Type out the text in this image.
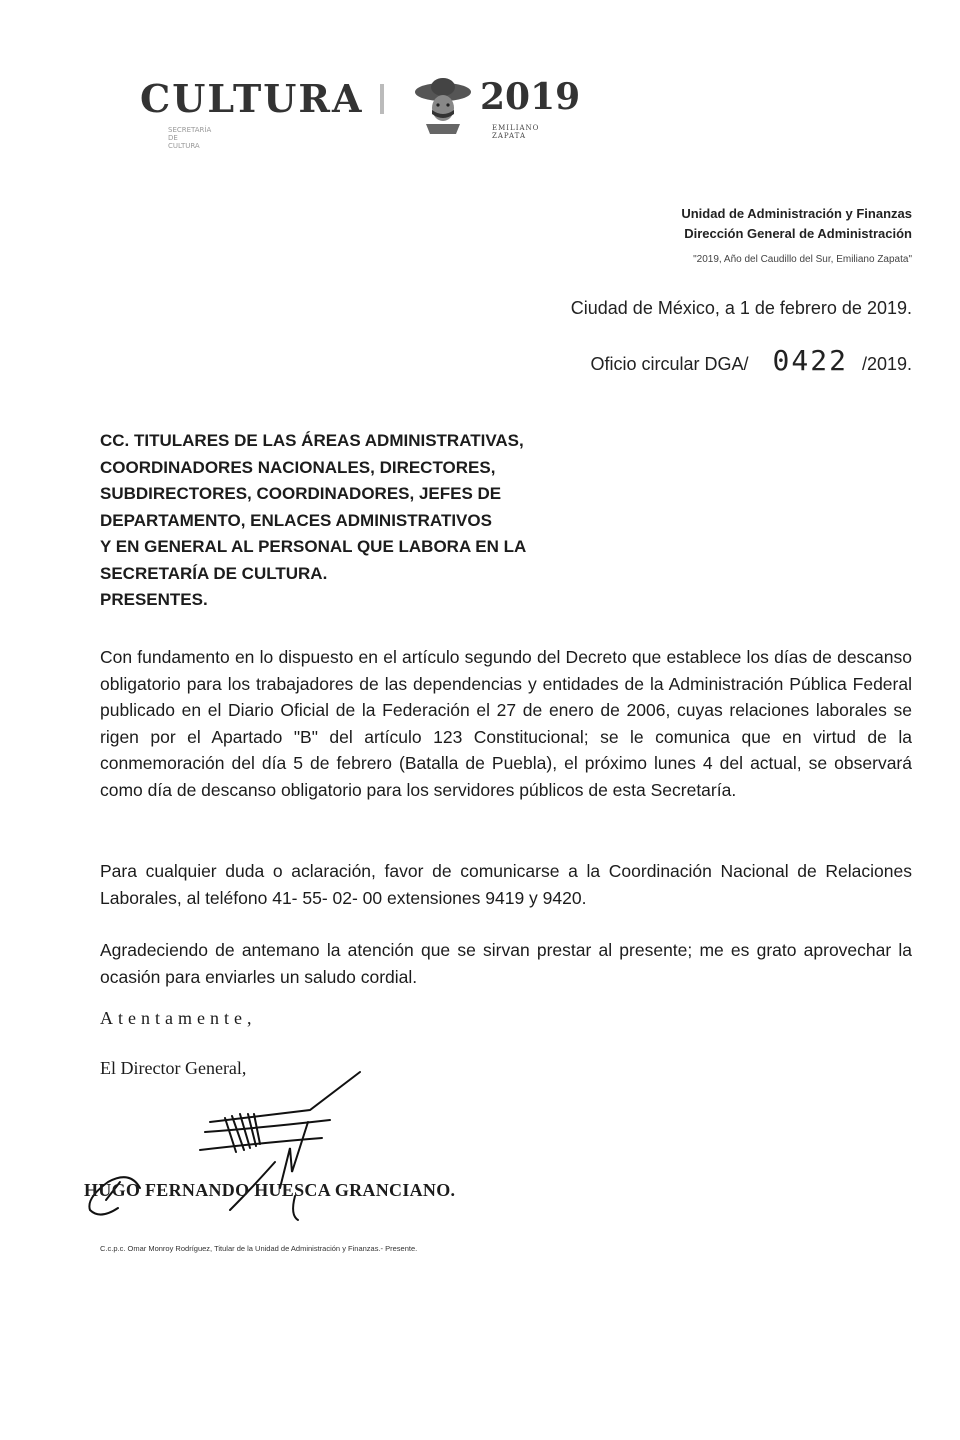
CULTURA
SECRETARÍA DE CULTURA
2019
EMILIANO ZAPATA
Unidad de Administración y Finanzas
Dirección General de Administración
"2019, Año del Caudillo del Sur, Emiliano Zapata"
Ciudad de México, a 1 de febrero de 2019.
Oficio circular DGA/ 0422 /2019.
CC. TITULARES DE LAS ÁREAS ADMINISTRATIVAS,
COORDINADORES NACIONALES, DIRECTORES,
SUBDIRECTORES, COORDINADORES, JEFES DE
DEPARTAMENTO, ENLACES ADMINISTRATIVOS
Y EN GENERAL AL PERSONAL QUE LABORA EN LA
SECRETARÍA DE CULTURA.
PRESENTES.
Con fundamento en lo dispuesto en el artículo segundo del Decreto que establece los días de descanso obligatorio para los trabajadores de las dependencias y entidades de la Administración Pública Federal publicado en el Diario Oficial de la Federación el 27 de enero de 2006, cuyas relaciones laborales se rigen por el Apartado "B" del artículo 123 Constitucional; se le comunica que en virtud de la conmemoración del día 5 de febrero (Batalla de Puebla), el próximo lunes 4 del actual, se observará como día de descanso obligatorio para los servidores públicos de esta Secretaría.
Para cualquier duda o aclaración, favor de comunicarse a la Coordinación Nacional de Relaciones Laborales, al teléfono 41- 55- 02- 00 extensiones 9419 y 9420.
Agradeciendo de antemano la atención que se sirvan prestar al presente; me es grato aprovechar la ocasión para enviarles un saludo cordial.
Atentamente,
El Director General,
HUGO FERNANDO HUESCA GRANCIANO.
C.c.p.c. Omar Monroy Rodríguez, Titular de la Unidad de Administración y Finanzas.- Presente.
